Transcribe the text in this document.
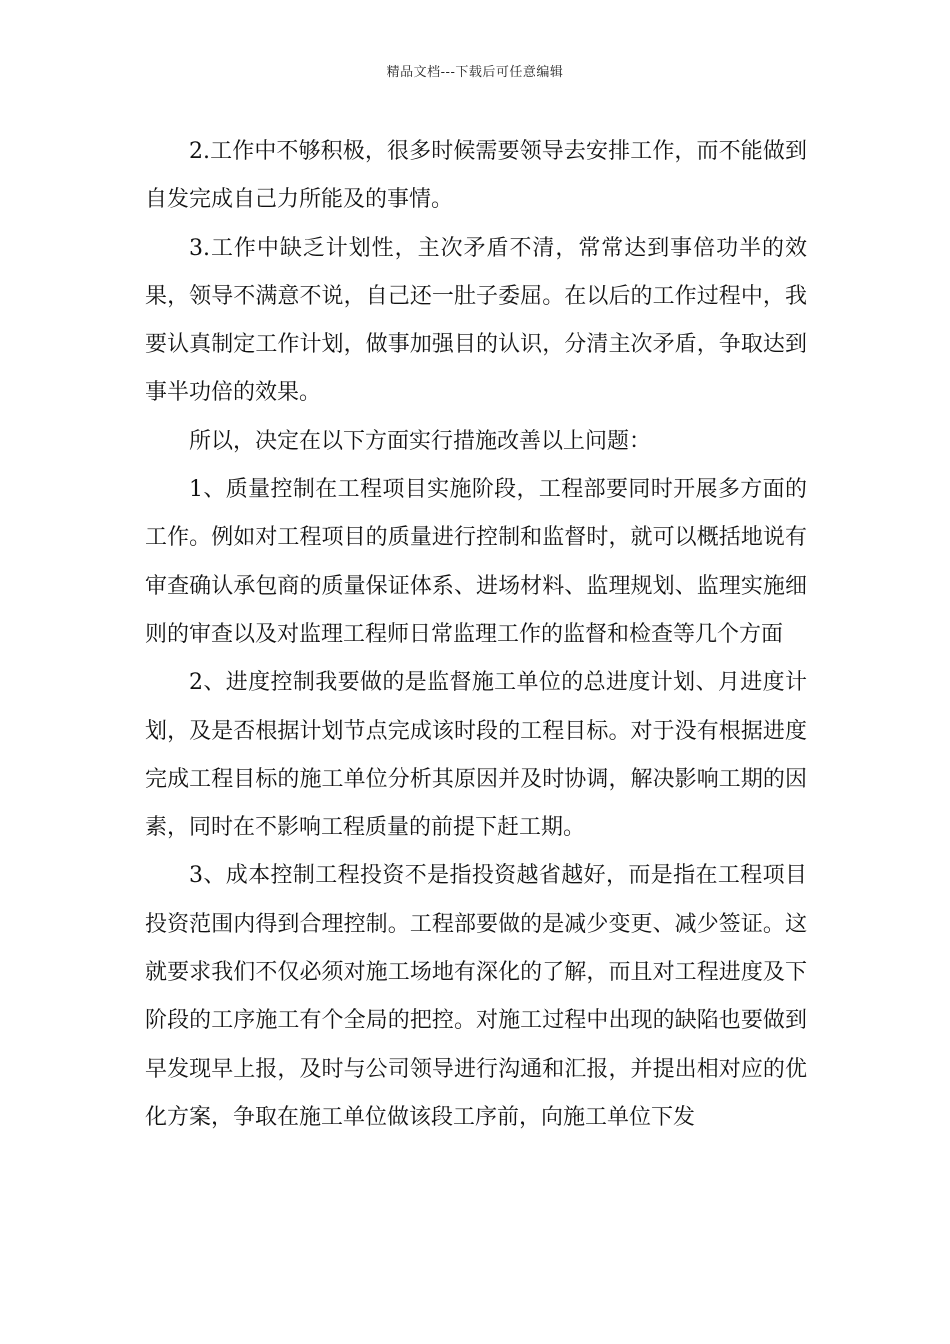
精品文档---下载后可任意编辑

2.工作中不够积极，很多时候需要领导去安排工作，而不能做到自发完成自己力所能及的事情。

3.工作中缺乏计划性，主次矛盾不清，常常达到事倍功半的效果，领导不满意不说，自己还一肚子委屈。在以后的工作过程中，我要认真制定工作计划，做事加强目的认识，分清主次矛盾，争取达到事半功倍的效果。

所以，决定在以下方面实行措施改善以上问题：

1、质量控制在工程项目实施阶段，工程部要同时开展多方面的工作。例如对工程项目的质量进行控制和监督时，就可以概括地说有审查确认承包商的质量保证体系、进场材料、监理规划、监理实施细则的审查以及对监理工程师日常监理工作的监督和检查等几个方面

2、进度控制我要做的是监督施工单位的总进度计划、月进度计划，及是否根据计划节点完成该时段的工程目标。对于没有根据进度完成工程目标的施工单位分析其原因并及时协调，解决影响工期的因素，同时在不影响工程质量的前提下赶工期。

3、成本控制工程投资不是指投资越省越好，而是指在工程项目投资范围内得到合理控制。工程部要做的是减少变更、减少签证。这就要求我们不仅必须对施工场地有深化的了解，而且对工程进度及下阶段的工序施工有个全局的把控。对施工过程中出现的缺陷也要做到早发现早上报，及时与公司领导进行沟通和汇报，并提出相对应的优化方案，争取在施工单位做该段工序前，向施工单位下发
